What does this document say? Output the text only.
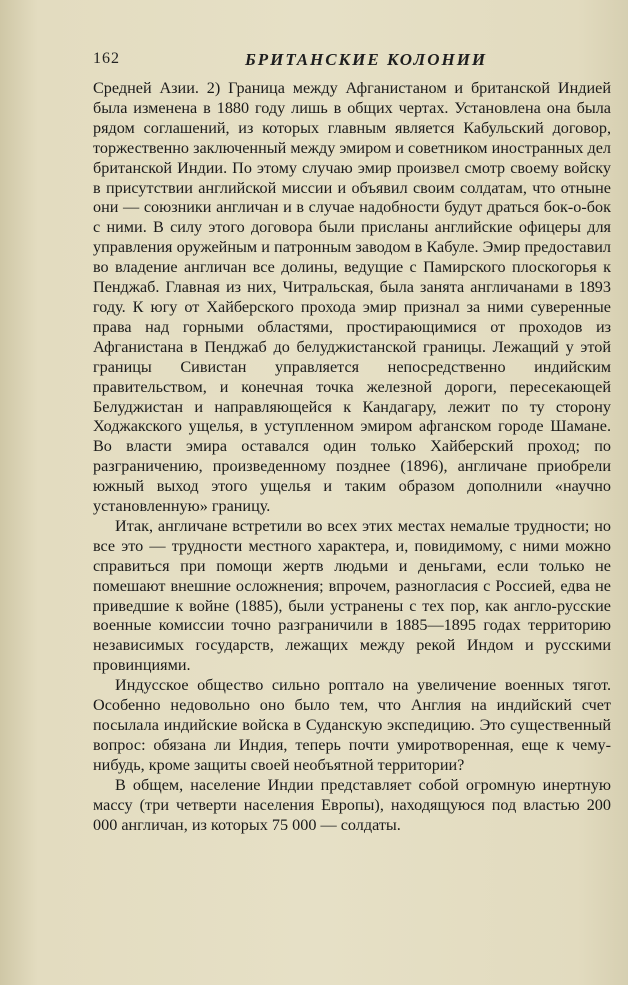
162	БРИТАНСКИЕ КОЛОНИИ

Средней Азии. 2) Граница между Афганистаном и британской Индией была изменена в 1880 году лишь в общих чертах. Установлена она была рядом соглашений, из которых главным является Кабульский договор, торжественно заключенный между эмиром и советником иностранных дел британской Индии. По этому случаю эмир произвел смотр своему войску в присутствии английской миссии и объявил своим солдатам, что отныне они — союзники англичан и в случае надобности будут драться бок-о-бок с ними. В силу этого договора были присланы английские офицеры для управления оружейным и патронным заводом в Кабуле. Эмир предоставил во владение англичан все долины, ведущие с Памирского плоскогорья к Пенджаб. Главная из них, Читральская, была занята англичанами в 1893 году. К югу от Хайберского прохода эмир признал за ними суверенные права над горными областями, простирающимися от проходов из Афганистана в Пенджаб до белуджистанской границы. Лежащий у этой границы Сивистан управляется непосредственно индийским правительством, и конечная точка железной дороги, пересекающей Белуджистан и направляющейся к Кандагару, лежит по ту сторону Ходжакского ущелья, в уступленном эмиром афганском городе Шамане. Во власти эмира оставался один только Хайберский проход; по разграничению, произведенному позднее (1896), англичане приобрели южный выход этого ущелья и таким образом дополнили «научно установленную» границу.

Итак, англичане встретили во всех этих местах немалые трудности; но все это — трудности местного характера, и, повидимому, с ними можно справиться при помощи жертв людьми и деньгами, если только не помешают внешние осложнения; впрочем, разногласия с Россией, едва не приведшие к войне (1885), были устранены с тех пор, как англо-русские военные комиссии точно разграничили в 1885—1895 годах территорию независимых государств, лежащих между рекой Индом и русскими провинциями.

Индусское общество сильно роптало на увеличение военных тягот. Особенно недовольно оно было тем, что Англия на индийский счет посылала индийские войска в Суданскую экспедицию. Это существенный вопрос: обязана ли Индия, теперь почти умиротворенная, еще к чему-нибудь, кроме защиты своей необъятной территории?

В общем, население Индии представляет собой огромную инертную массу (три четверти населения Европы), находящуюся под властью 200 000 англичан, из которых 75 000 — солдаты.
